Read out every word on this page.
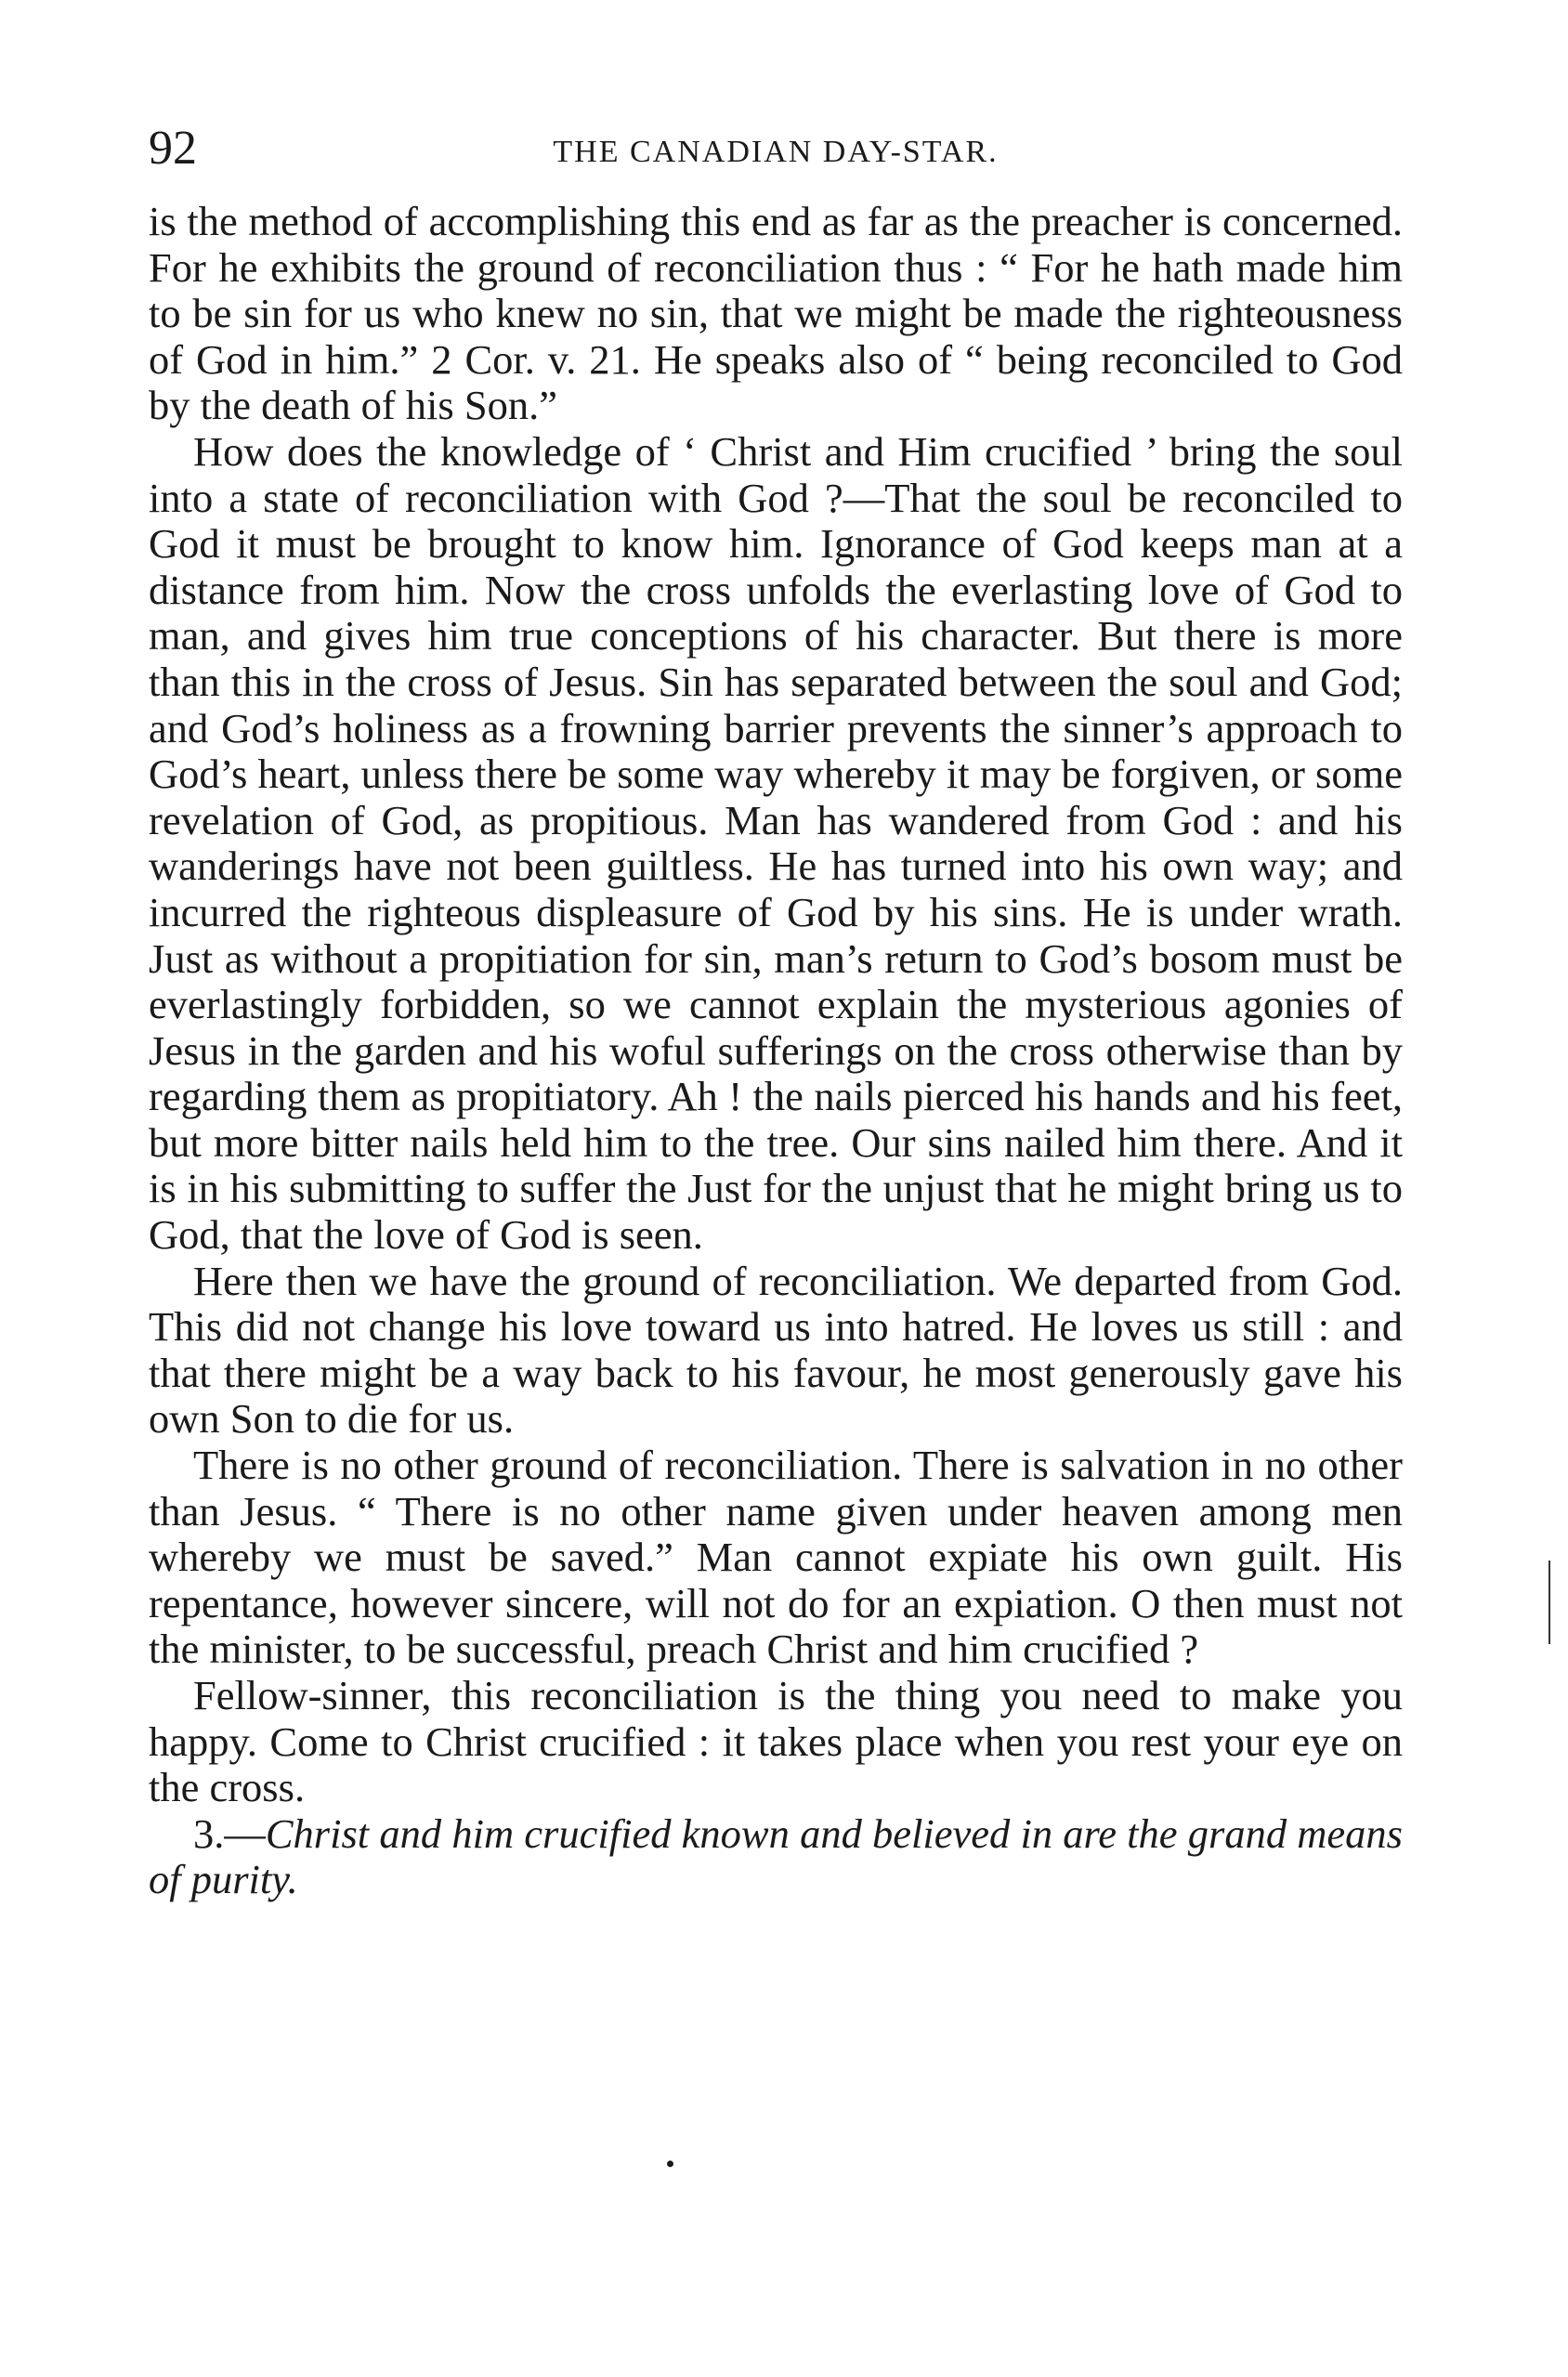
92	THE CANADIAN DAY-STAR.

is the method of accomplishing this end as far as the preacher is concerned. For he exhibits the ground of reconciliation thus : “ For he hath made him to be sin for us who knew no sin, that we might be made the righteousness of God in him.” 2 Cor. v. 21. He speaks also of “ being reconciled to God by the death of his Son.”

How does the knowledge of ‘ Christ and Him crucified ’ bring the soul into a state of reconciliation with God ?—That the soul be reconciled to God it must be brought to know him. Ignorance of God keeps man at a distance from him. Now the cross unfolds the everlasting love of God to man, and gives him true conceptions of his character. But there is more than this in the cross of Jesus. Sin has separated between the soul and God; and God’s holiness as a frowning barrier prevents the sinner’s approach to God’s heart, unless there be some way whereby it may be forgiven, or some revelation of God, as propitious. Man has wandered from God : and his wanderings have not been guiltless. He has turned into his own way; and incurred the righteous displeasure of God by his sins. He is under wrath. Just as without a propitiation for sin, man’s return to God’s bosom must be everlastingly forbidden, so we cannot explain the mysterious agonies of Jesus in the garden and his woful sufferings on the cross otherwise than by regarding them as propitiatory. Ah ! the nails pierced his hands and his feet, but more bitter nails held him to the tree. Our sins nailed him there. And it is in his submitting to suffer the Just for the unjust that he might bring us to God, that the love of God is seen.

Here then we have the ground of reconciliation. We departed from God. This did not change his love toward us into hatred. He loves us still : and that there might be a way back to his favour, he most generously gave his own Son to die for us.

There is no other ground of reconciliation. There is salvation in no other than Jesus. “ There is no other name given under heaven among men whereby we must be saved.” Man cannot expiate his own guilt. His repentance, however sincere, will not do for an expiation. O then must not the minister, to be successful, preach Christ and him crucified ?

Fellow-sinner, this reconciliation is the thing you need to make you happy. Come to Christ crucified : it takes place when you rest your eye on the cross.

3.—Christ and him crucified known and believed in are the grand means of purity.
